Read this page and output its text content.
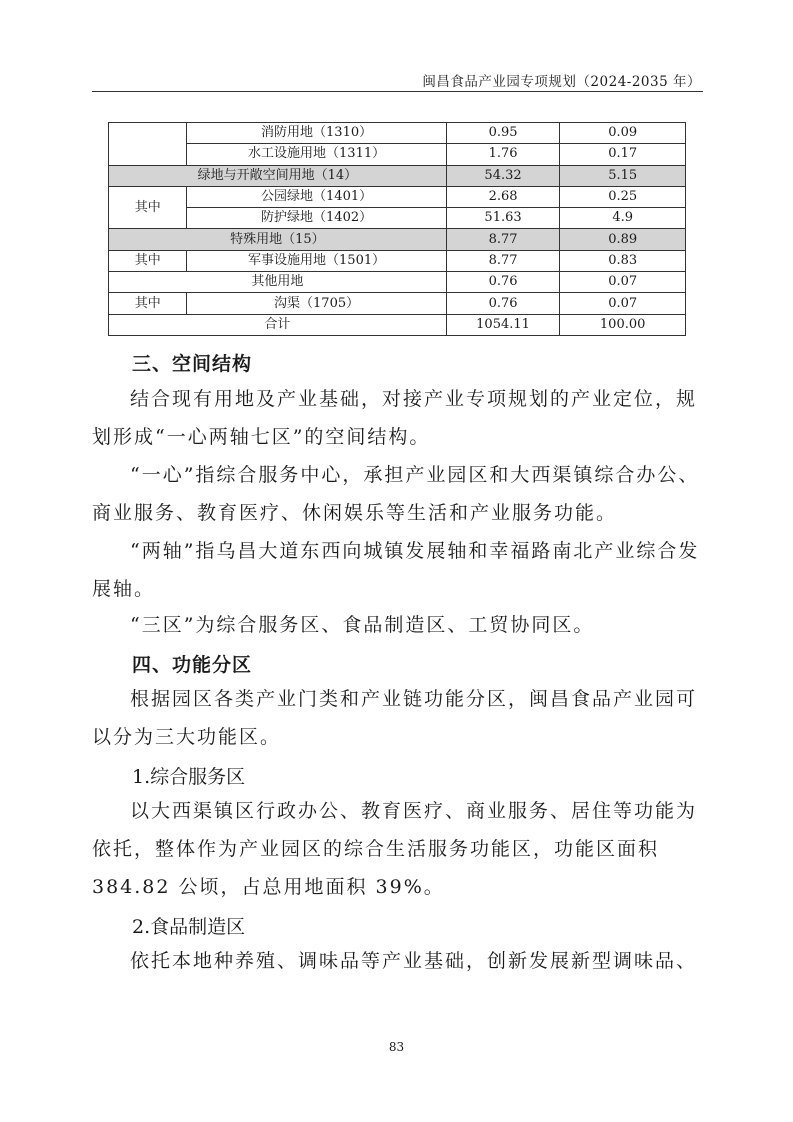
闽昌食品产业园专项规划（2024-2035 年）
	消防用地（1310）	0.95	0.09
	水工设施用地（1311）	1.76	0.17
绿地与开敞空间用地（14）		54.32	5.15
其中	公园绿地（1401）	2.68	0.25
	防护绿地（1402）	51.63	4.9
特殊用地（15）		8.77	0.89
其中	军事设施用地（1501）	8.77	0.83
其他用地		0.76	0.07
其中	沟渠（1705）	0.76	0.07
合计		1054.11	100.00
三、空间结构

结合现有用地及产业基础，对接产业专项规划的产业定位，规划形成“一心两轴七区”的空间结构。

“一心”指综合服务中心，承担产业园区和大西渠镇综合办公、商业服务、教育医疗、休闲娱乐等生活和产业服务功能。

“两轴”指乌昌大道东西向城镇发展轴和幸福路南北产业综合发展轴。

“三区”为综合服务区、食品制造区、工贸协同区。

四、功能分区

根据园区各类产业门类和产业链功能分区，闽昌食品产业园可以分为三大功能区。

1.综合服务区

以大西渠镇区行政办公、教育医疗、商业服务、居住等功能为依托，整体作为产业园区的综合生活服务功能区，功能区面积384.82 公顷，占总用地面积 39%。

2.食品制造区

依托本地种养殖、调味品等产业基础，创新发展新型调味品、

83
